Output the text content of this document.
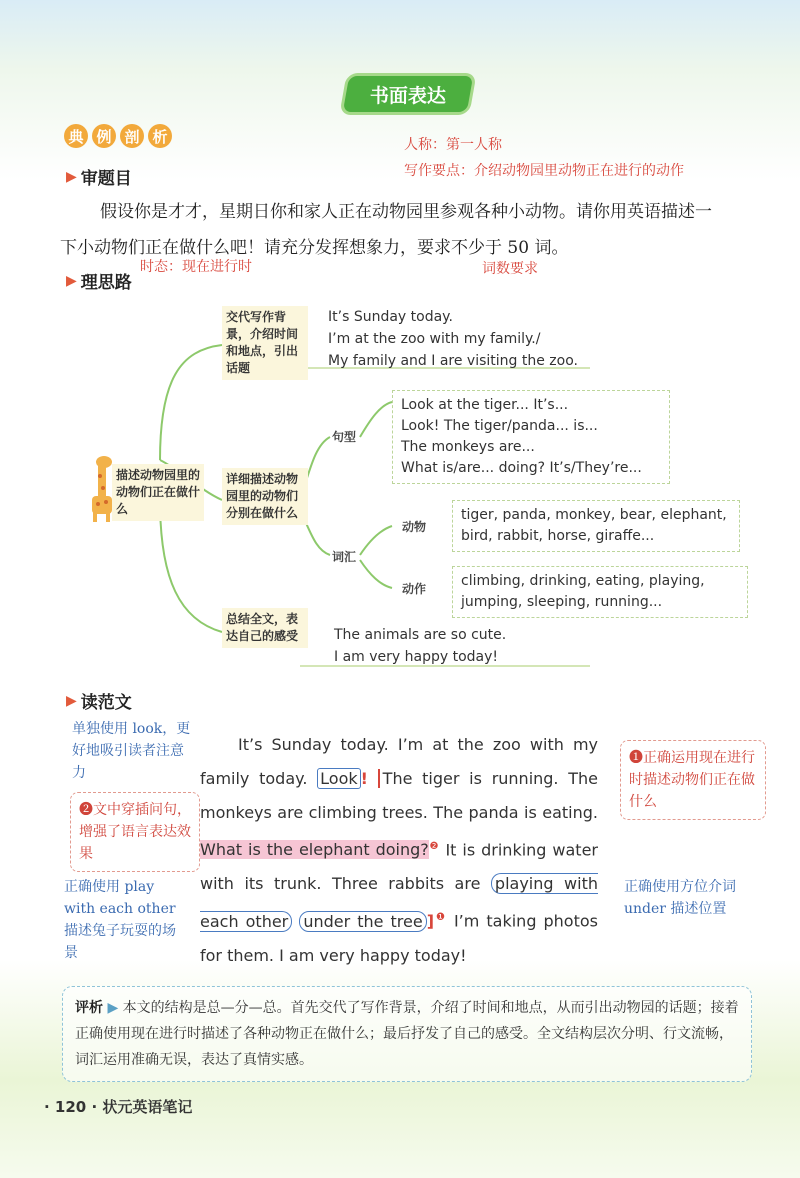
书面表达
典 例 剖 析	人称：第一人称
写作要点：介绍动物园里动物正在进行的动作
▶ 审题目
假设你是才才，星期日你和家人正在动物园里参观各种小动物。请你用英语描述一
下小动物们正在做什么吧！请充分发挥想象力，要求不少于 50 词。
时态：现在进行时	词数要求
▶ 理思路
描述动物园里的动物们正在做什么
交代写作背景，介绍时间和地点，引出话题
It’s Sunday today.
I’m at the zoo with my family./
My family and I are visiting the zoo.
详细描述动物园里的动物们分别在做什么
句型
Look at the tiger... It’s...
Look! The tiger/panda... is...
The monkeys are...
What is/are... doing? It’s/They’re...
词汇
动物
tiger, panda, monkey, bear, elephant,
bird, rabbit, horse, giraffe...
动作 climbing, drinking, eating, playing,
jumping, sleeping, running...
总结全文，表达自己的感受	The animals are so cute.
I am very happy today!
▶ 读范文
单独使用 look，更好地吸引读者注意力
❷文中穿插问句，增强了语言表达效果
正确使用 play with each other 描述兔子玩耍的场景
❶正确运用现在进行时描述动物们正在做什么
正确使用方位介词 under 描述位置
It’s Sunday today. I’m at the zoo with my family today. Look ! The tiger is running. The monkeys are climbing trees. The panda is eating. What is the elephant doing?$^❷$ It is drinking water with its trunk. Three rabbits are playing with each other under the tree ]$^❶$ I’m taking photos for them. I am very happy today!
评析 ▶ 本文的结构是总—分—总。首先交代了写作背景，介绍了时间和地点，从而引出动物园的话题；接着正确使用现在进行时描述了各种动物正在做什么；最后抒发了自己的感受。全文结构层次分明、行文流畅，词汇运用准确无误，表达了真情实感。
· 120 · 状元英语笔记
